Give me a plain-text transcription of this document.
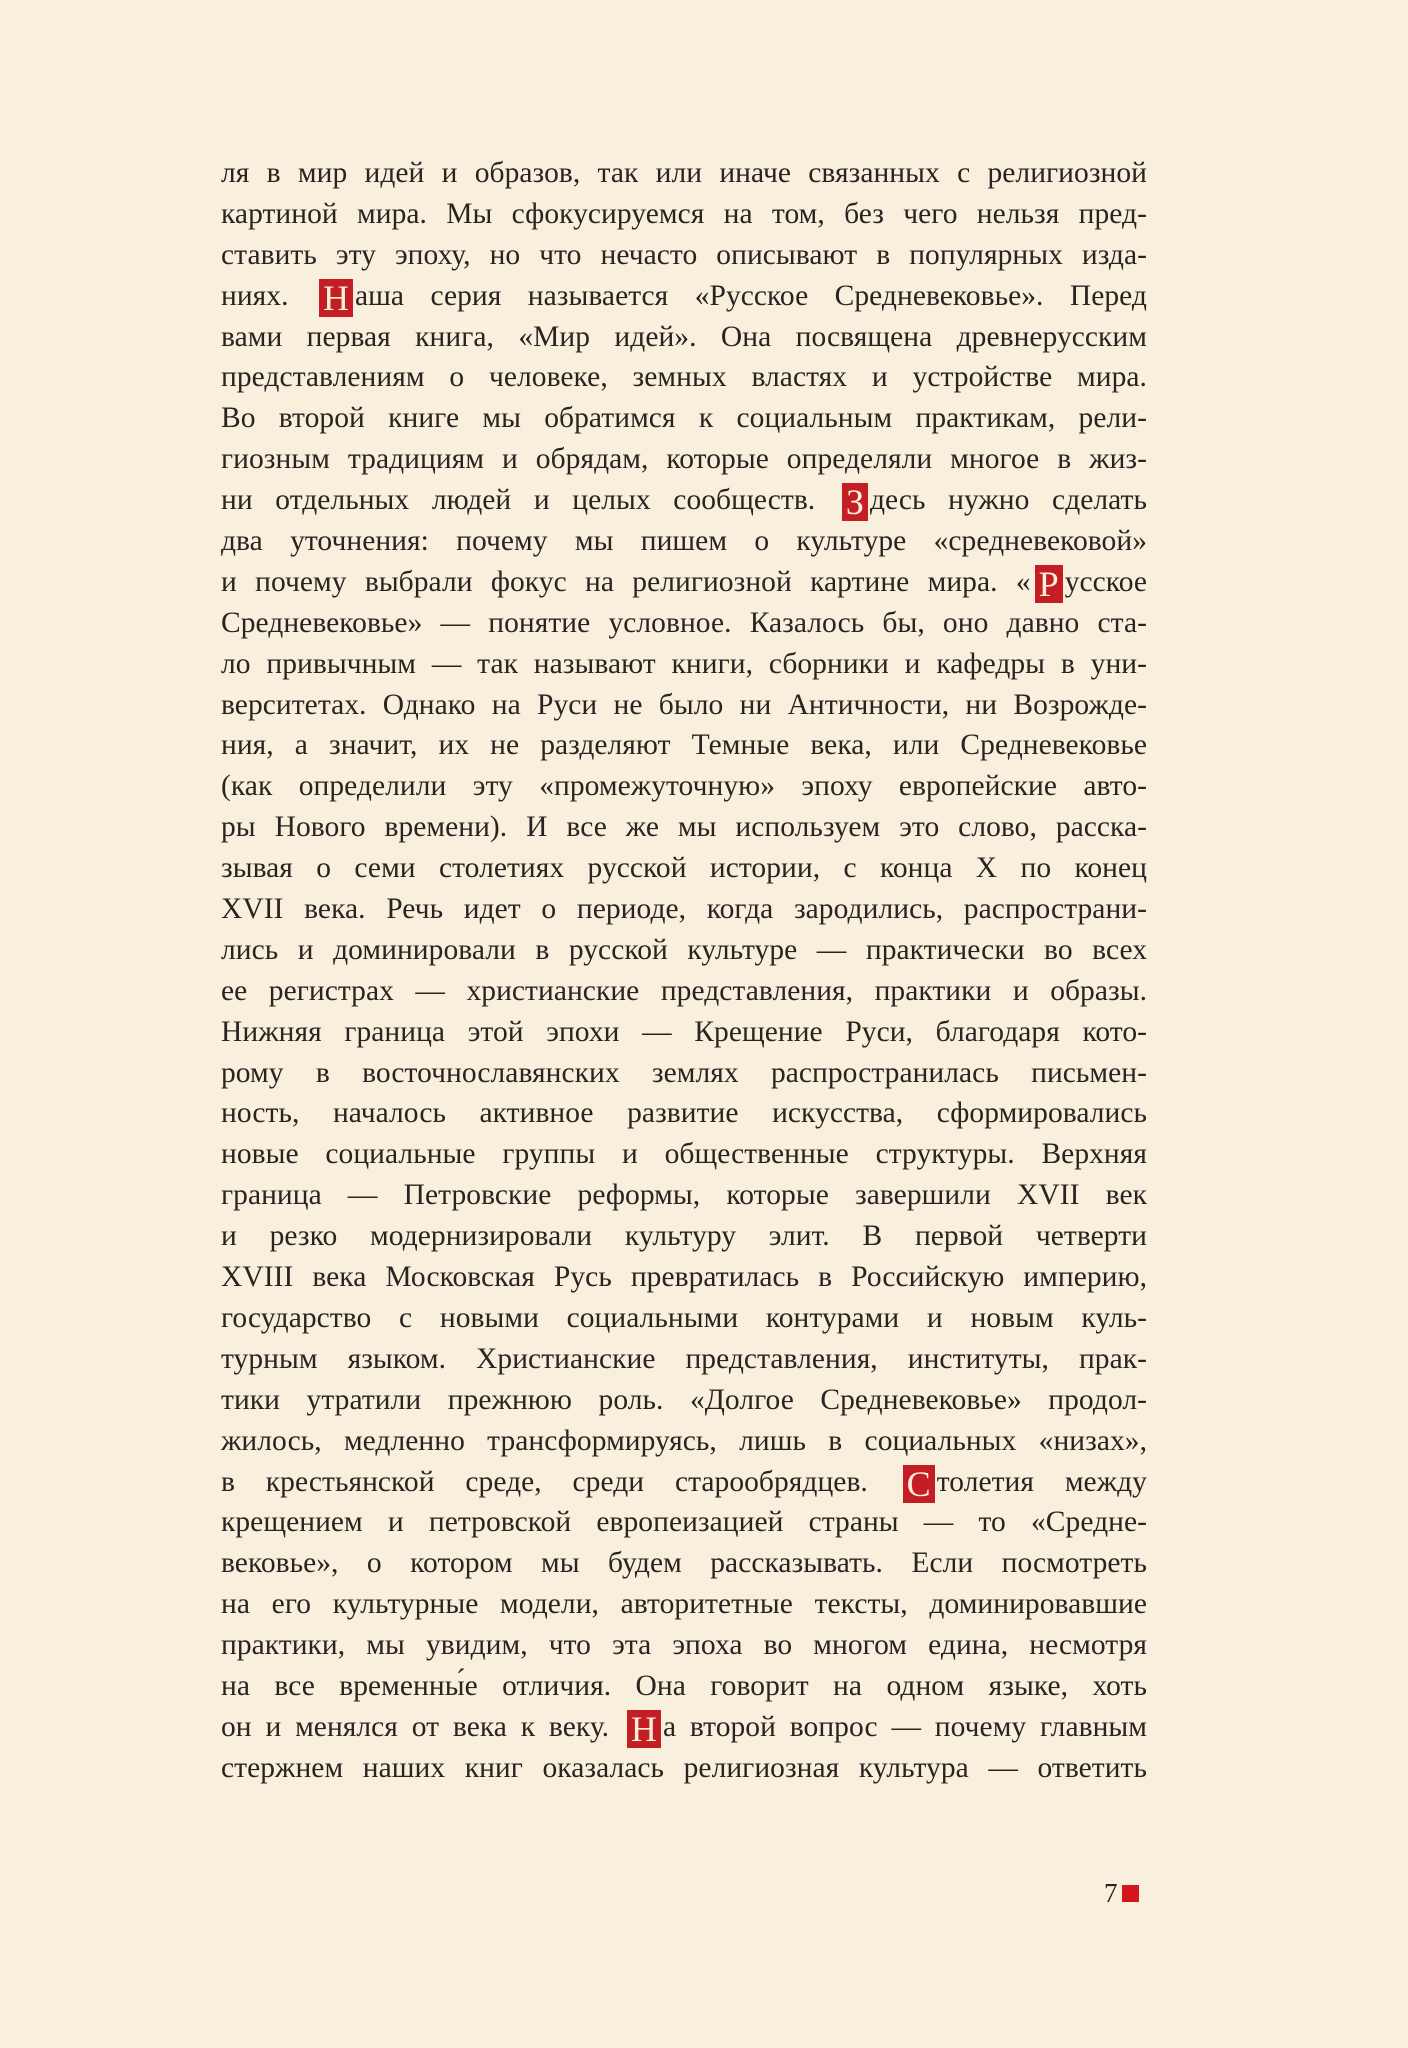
ля в мир идей и образов, так или иначе связанных с религиозной
картиной мира. Мы сфокусируемся на том, без чего нельзя пред-
ставить эту эпоху, но что нечасто описывают в популярных изда-
ниях. Н аша серия называется «Русское Средневековье». Перед
вами первая книга, «Мир идей». Она посвящена древнерусским
представлениям о человеке, земных властях и устройстве мира.
Во второй книге мы обратимся к социальным практикам, рели-
гиозным традициям и обрядам, которые определяли многое в жиз-
ни отдельных людей и целых сообществ. З десь нужно сделать
два уточнения: почему мы пишем о культуре «средневековой»
и почему выбрали фокус на религиозной картине мира. « Р усское
Средневековье» — понятие условное. Казалось бы, оно давно ста-
ло привычным — так называют книги, сборники и кафедры в уни-
верситетах. Однако на Руси не было ни Античности, ни Возрожде-
ния, а значит, их не разделяют Темные века, или Средневековье
(как определили эту «промежуточную» эпоху европейские авто-
ры Нового времени). И все же мы используем это слово, расска-
зывая о семи столетиях русской истории, с конца X по конец
XVII века. Речь идет о периоде, когда зародились, распространи-
лись и доминировали в русской культуре — практически во всех
ее регистрах — христианские представления, практики и образы.
Нижняя граница этой эпохи — Крещение Руси, благодаря кото-
рому в восточнославянских землях распространилась письмен-
ность, началось активное развитие искусства, сформировались
новые социальные группы и общественные структуры. Верхняя
граница — Петровские реформы, которые завершили XVII век
и резко модернизировали культуру элит. В первой четверти
XVIII века Московская Русь превратилась в Российскую империю,
государство с новыми социальными контурами и новым куль-
турным языком. Христианские представления, институты, прак-
тики утратили прежнюю роль. «Долгое Средневековье» продол-
жилось, медленно трансформируясь, лишь в социальных «низах»,
в крестьянской среде, среди старообрядцев. С толетия между
крещением и петровской европеизацией страны — то «Средне-
вековье», о котором мы будем рассказывать. Если посмотреть
на его культурные модели, авторитетные тексты, доминировавшие
практики, мы увидим, что эта эпоха во многом едина, несмотря
на все временны́е отличия. Она говорит на одном языке, хоть
он и менялся от века к веку. Н а второй вопрос — почему главным
стержнем наших книг оказалась религиозная культура — ответить
7
